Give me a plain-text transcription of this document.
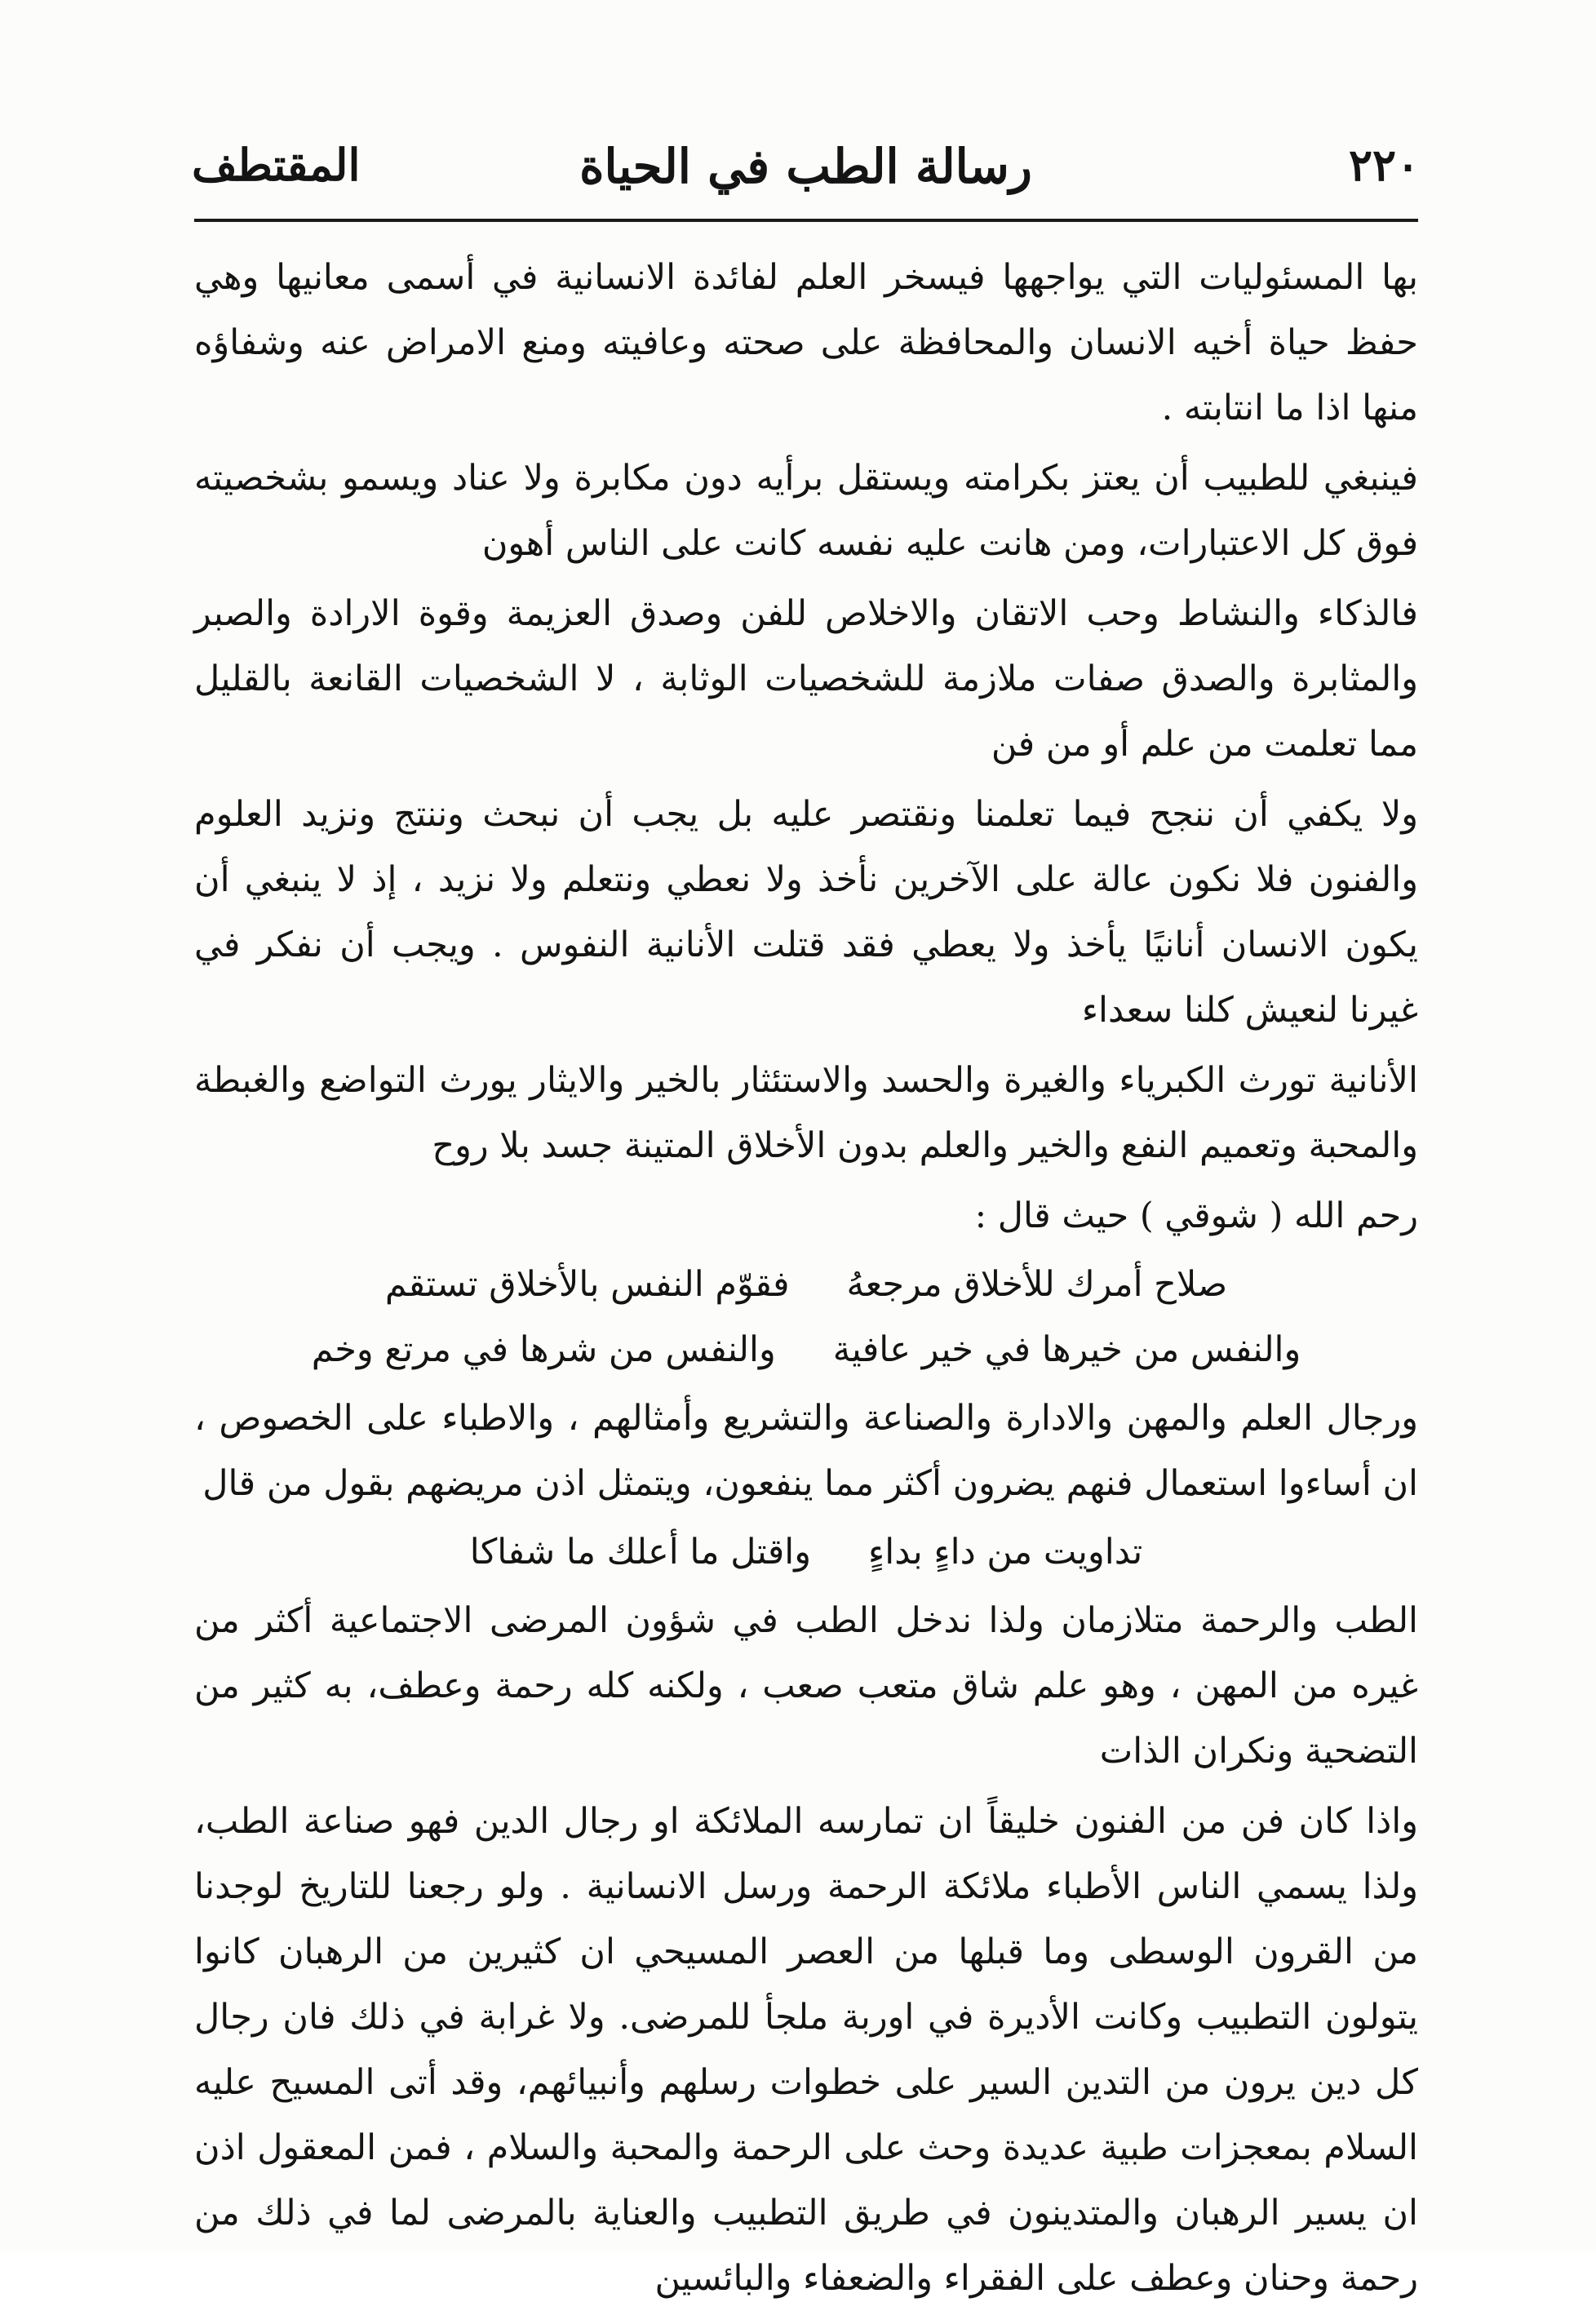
٢٢٠
رسالة الطب في الحياة
المقتطف

بها المسئوليات التي يواجهها فيسخر العلم لفائدة الانسانية في أسمى معانيها وهي حفظ حياة أخيه الانسان والمحافظة على صحته وعافيته ومنع الامراض عنه وشفاؤه منها اذا ما انتابته .

فينبغي للطبيب أن يعتز بكرامته ويستقل برأيه دون مكابرة ولا عناد ويسمو بشخصيته فوق كل الاعتبارات، ومن هانت عليه نفسه كانت على الناس أهون

فالذكاء والنشاط وحب الاتقان والاخلاص للفن وصدق العزيمة وقوة الارادة والصبر والمثابرة والصدق صفات ملازمة للشخصيات الوثابة ، لا الشخصيات القانعة بالقليل مما تعلمت من علم أو من فن

ولا يكفي أن ننجح فيما تعلمنا ونقتصر عليه بل يجب أن نبحث وننتج ونزيد العلوم والفنون فلا نكون عالة على الآخرين نأخذ ولا نعطي ونتعلم ولا نزيد ، إذ لا ينبغي أن يكون الانسان أنانيًا يأخذ ولا يعطي فقد قتلت الأنانية النفوس . ويجب أن نفكر في غيرنا لنعيش كلنا سعداء

الأنانية تورث الكبرياء والغيرة والحسد والاستئثار بالخير والايثار يورث التواضع والغبطة والمحبة وتعميم النفع والخير والعلم بدون الأخلاق المتينة جسد بلا روح

رحم الله ( شوقي ) حيث قال :

صلاح أمرك للأخلاق مرجعهُ
فقوّم النفس بالأخلاق تستقم
والنفس من خيرها في خير عافية
والنفس من شرها في مرتع وخم

ورجال العلم والمهن والادارة والصناعة والتشريع وأمثالهم ، والاطباء على الخصوص ، ان أساءوا استعمال فنهم يضرون أكثر مما ينفعون، ويتمثل اذن مريضهم بقول من قال

تداويت من داءٍ بداءٍ
واقتل ما أعلك ما شفاكا

الطب والرحمة متلازمان ولذا ندخل الطب في شؤون المرضى الاجتماعية أكثر من غيره من المهن ، وهو علم شاق متعب صعب ، ولكنه كله رحمة وعطف، به كثير من التضحية ونكران الذات

واذا كان فن من الفنون خليقاً ان تمارسه الملائكة او رجال الدين فهو صناعة الطب، ولذا يسمي الناس الأطباء ملائكة الرحمة ورسل الانسانية . ولو رجعنا للتاريخ لوجدنا من القرون الوسطى وما قبلها من العصر المسيحي ان كثيرين من الرهبان كانوا يتولون التطبيب وكانت الأديرة في اوربة ملجأ للمرضى. ولا غرابة في ذلك فان رجال كل دين يرون من التدين السير على خطوات رسلهم وأنبيائهم، وقد أتى المسيح عليه السلام بمعجزات طبية عديدة وحث على الرحمة والمحبة والسلام ، فمن المعقول اذن ان يسير الرهبان والمتدينون في طريق التطبيب والعناية بالمرضى لما في ذلك من رحمة وحنان وعطف على الفقراء والضعفاء والبائسين
